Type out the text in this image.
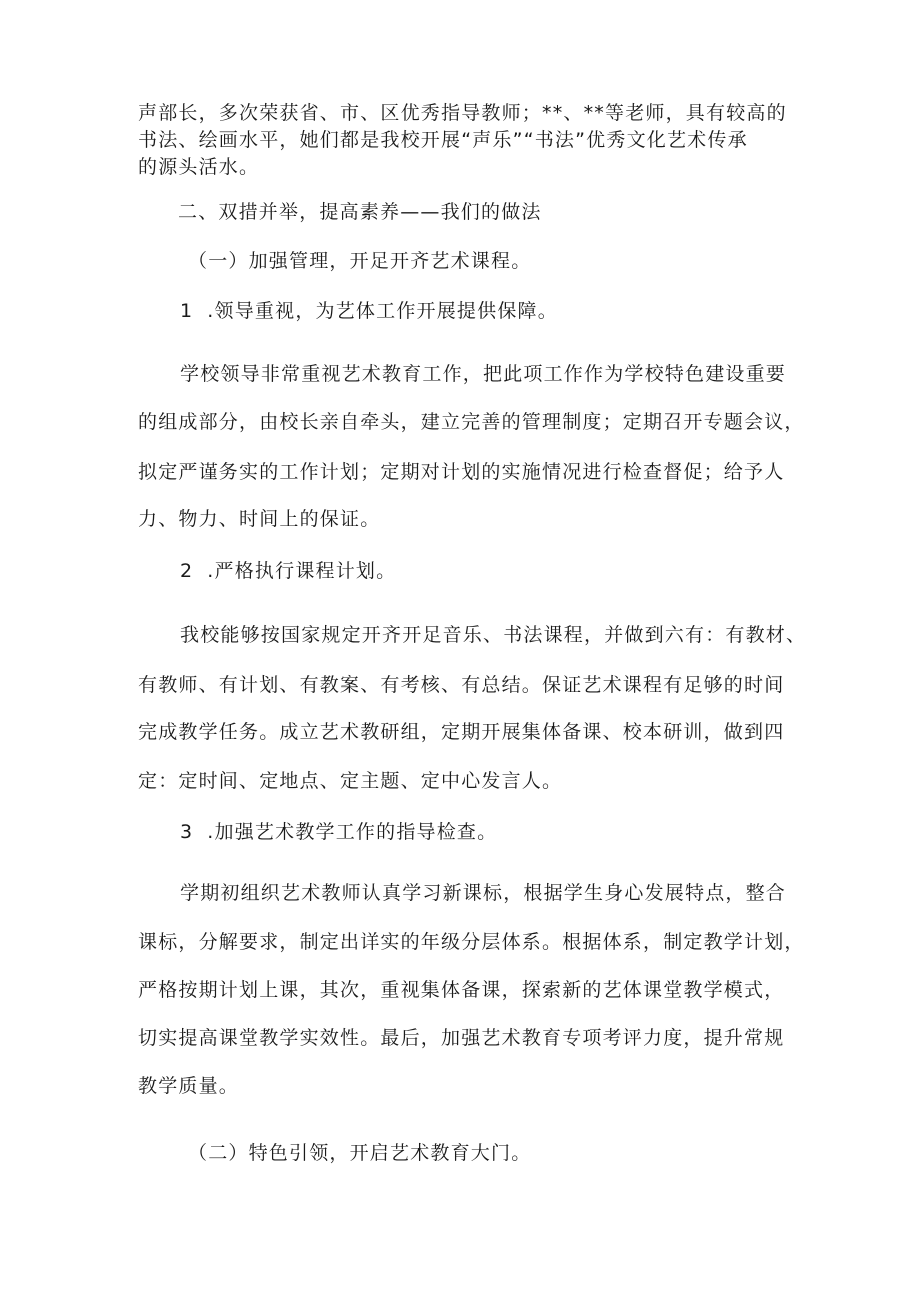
声部长，多次荣获省、市、区优秀指导教师；**、**等老师，具有较高的
书法、绘画水平，她们都是我校开展“声乐”“书法”优秀文化艺术传承
的源头活水。
二、双措并举，提高素养——我们的做法
（一）加强管理，开足开齐艺术课程。
1 .领导重视，为艺体工作开展提供保障。
学校领导非常重视艺术教育工作，把此项工作作为学校特色建设重要
的组成部分，由校长亲自牵头，建立完善的管理制度；定期召开专题会议，
拟定严谨务实的工作计划；定期对计划的实施情况进行检查督促；给予人
力、物力、时间上的保证。
2 .严格执行课程计划。
我校能够按国家规定开齐开足音乐、书法课程，并做到六有：有教材、
有教师、有计划、有教案、有考核、有总结。保证艺术课程有足够的时间
完成教学任务。成立艺术教研组，定期开展集体备课、校本研训，做到四
定：定时间、定地点、定主题、定中心发言人。
3 .加强艺术教学工作的指导检查。
学期初组织艺术教师认真学习新课标，根据学生身心发展特点，整合
课标，分解要求，制定出详实的年级分层体系。根据体系，制定教学计划，
严格按期计划上课，其次，重视集体备课，探索新的艺体课堂教学模式，
切实提高课堂教学实效性。最后，加强艺术教育专项考评力度，提升常规
教学质量。
（二）特色引领，开启艺术教育大门。
